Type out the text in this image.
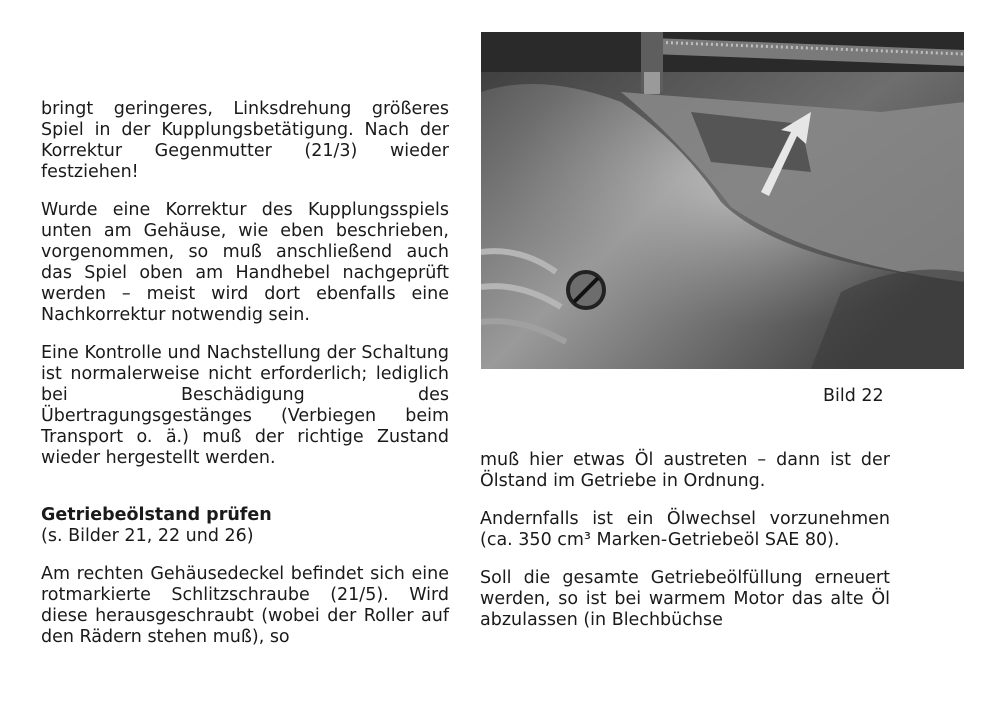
bringt geringeres, Linksdrehung größeres Spiel in der Kupplungsbetätigung. Nach der Korrektur Gegenmutter (21/3) wieder festziehen!

Wurde eine Korrektur des Kupplungsspiels unten am Gehäuse, wie eben beschrieben, vorgenommen, so muß anschließend auch das Spiel oben am Handhebel nachgeprüft werden – meist wird dort ebenfalls eine Nachkorrektur notwendig sein.

Eine Kontrolle und Nachstellung der Schaltung ist normalerweise nicht erforderlich; lediglich bei Beschädigung des Übertragungsgestänges (Verbiegen beim Transport o. ä.) muß der richtige Zustand wieder hergestellt werden.

Getriebeölstand prüfen

(s. Bilder 21, 22 und 26)

Am rechten Gehäusedeckel befindet sich eine rotmarkierte Schlitzschraube (21/5). Wird diese herausgeschraubt (wobei der Roller auf den Rädern stehen muß), so

Bild 22

muß hier etwas Öl austreten – dann ist der Ölstand im Getriebe in Ordnung.

Andernfalls ist ein Ölwechsel vorzunehmen (ca. 350 cm³ Marken-Getriebeöl SAE 80).

Soll die gesamte Getriebeölfüllung erneuert werden, so ist bei warmem Motor das alte Öl abzulassen (in Blechbüchse
